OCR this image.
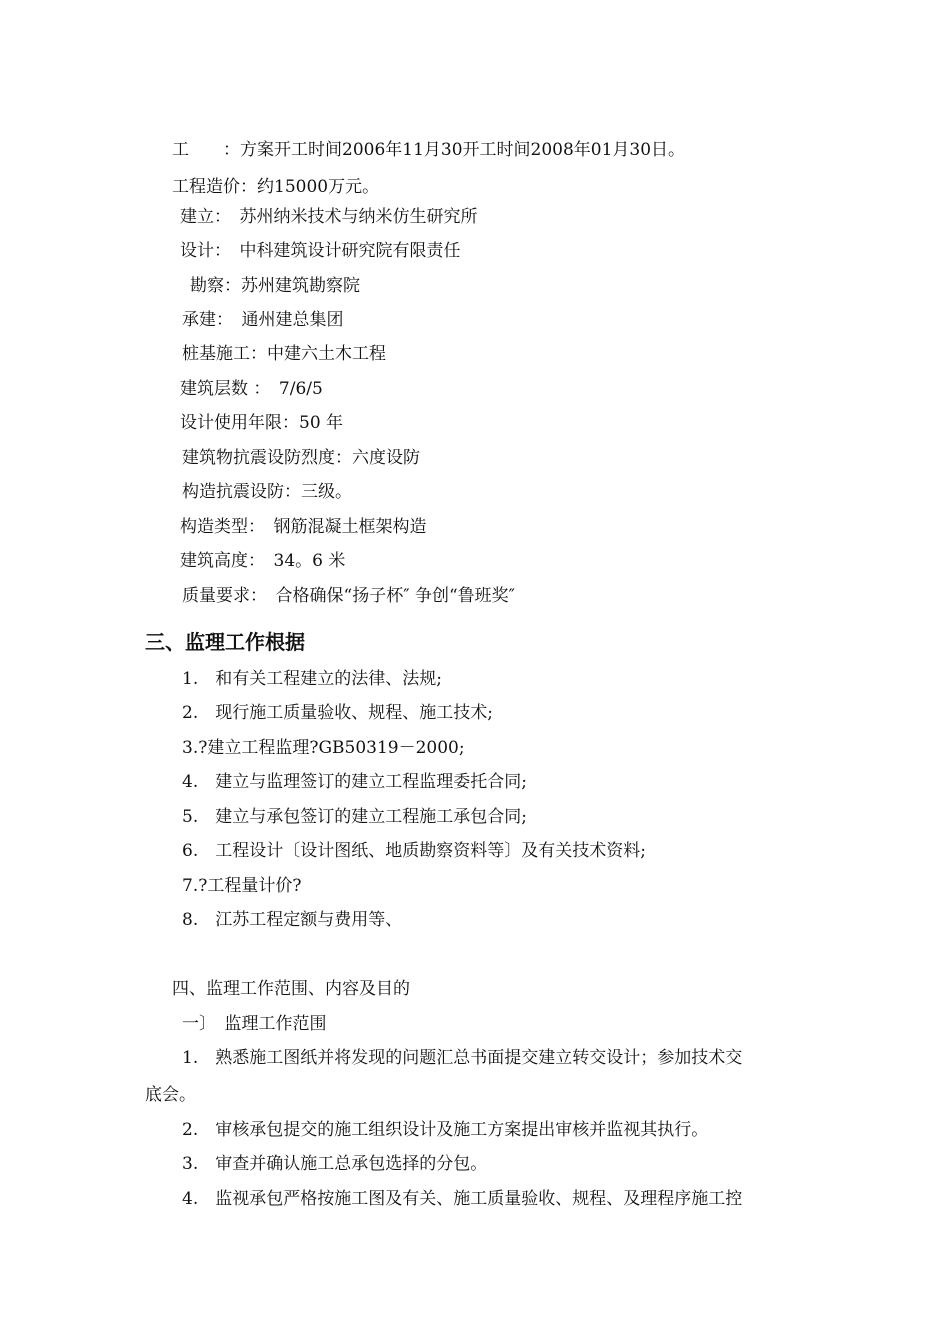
工　　：方案开工时间2006年11月30开工时间2008年01月30日。
工程造价：约15000万元。
建立：　苏州纳米技术与纳米仿生研究所
设计：　中科建筑设计研究院有限责任
勘察：苏州建筑勘察院
承建：　通州建总集团
桩基施工：中建六土木工程
建筑层数 ：　7/6/5
设计使用年限：50 年
建筑物抗震设防烈度：六度设防
构造抗震设防：三级。
构造类型：　钢筋混凝土框架构造
建筑高度：　34。6 米
质量要求：　合格确保“扬子杯″ 争创“鲁班奖″
三、监理工作根据
1.　和有关工程建立的法律、法规;
2.　现行施工质量验收、规程、施工技术;
3.?建立工程监理?GB50319－2000;
4.　建立与监理签订的建立工程监理委托合同;
5.　建立与承包签订的建立工程施工承包合同;
6.　工程设计〔设计图纸、地质勘察资料等〕及有关技术资料;
7.?工程量计价?
8.　江苏工程定额与费用等、
四、监理工作范围、内容及目的
一〕　监理工作范围
1.　熟悉施工图纸并将发现的问题汇总书面提交建立转交设计；参加技术交
底会。
2.　审核承包提交的施工组织设计及施工方案提出审核并监视其执行。
3.　审查并确认施工总承包选择的分包。
4.　监视承包严格按施工图及有关、施工质量验收、规程、及理程序施工控
